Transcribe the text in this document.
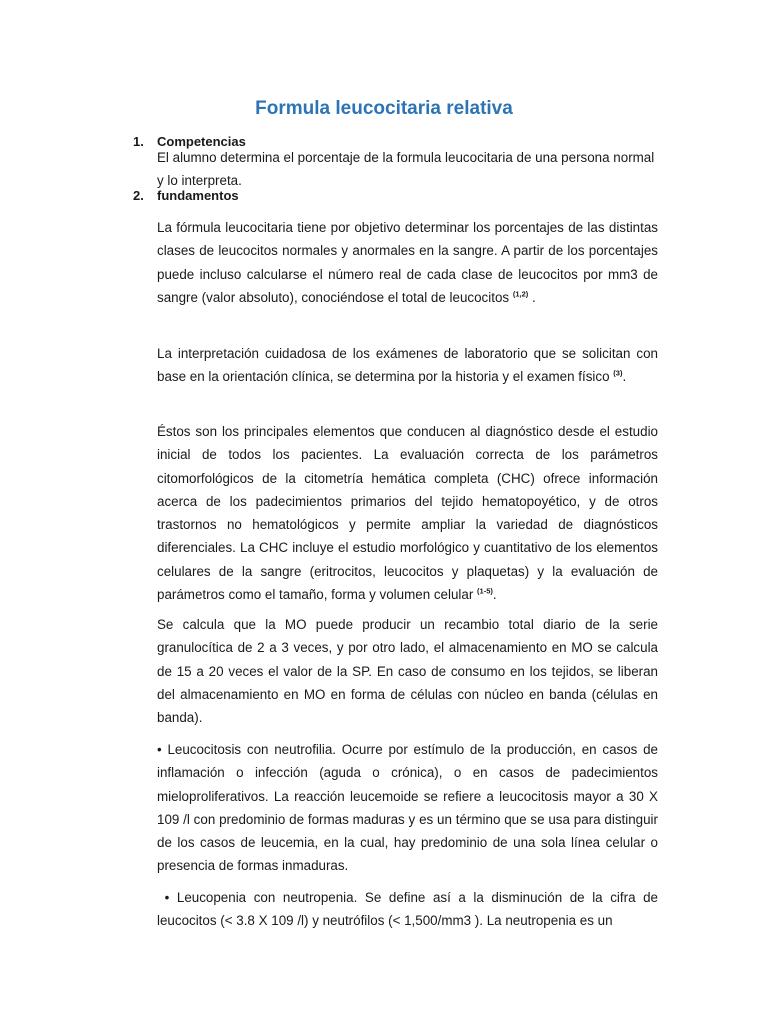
Formula leucocitaria relativa
1.	Competencias

El alumno determina el porcentaje de la formula leucocitaria de una persona normal y lo interpreta.

2.	fundamentos

La fórmula leucocitaria tiene por objetivo determinar los porcentajes de las distintas clases de leucocitos normales y anormales en la sangre. A partir de los porcentajes puede incluso calcularse el número real de cada clase de leucocitos por mm3 de sangre (valor absoluto), conociéndose el total de leucocitos $^{(1,2)}$ .

La interpretación cuidadosa de los exámenes de laboratorio que se solicitan con base en la orientación clínica, se determina por la historia y el examen físico $^{(3)}$.

Éstos son los principales elementos que conducen al diagnóstico desde el estudio inicial de todos los pacientes. La evaluación correcta de los parámetros citomorfológicos de la citometría hemática completa (CHC) ofrece información acerca de los padecimientos primarios del tejido hematopoyético, y de otros trastornos no hematológicos y permite ampliar la variedad de diagnósticos diferenciales. La CHC incluye el estudio morfológico y cuantitativo de los elementos celulares de la sangre (eritrocitos, leucocitos y plaquetas) y la evaluación de parámetros como el tamaño, forma y volumen celular $^{(1-5)}$.

Se calcula que la MO puede producir un recambio total diario de la serie granulocítica de 2 a 3 veces, y por otro lado, el almacenamiento en MO se calcula de 15 a 20 veces el valor de la SP. En caso de consumo en los tejidos, se liberan del almacenamiento en MO en forma de células con núcleo en banda (células en banda).

• Leucocitosis con neutrofilia. Ocurre por estímulo de la producción, en casos de inflamación o infección (aguda o crónica), o en casos de padecimientos mieloproliferativos. La reacción leucemoide se refiere a leucocitosis mayor a 30 X 109 /l con predominio de formas maduras y es un término que se usa para distinguir de los casos de leucemia, en la cual, hay predominio de una sola línea celular o presencia de formas inmaduras.

• Leucopenia con neutropenia. Se define así a la disminución de la cifra de leucocitos (< 3.8 X 109 /l) y neutrófilos (< 1,500/mm3 ). La neutropenia es un
